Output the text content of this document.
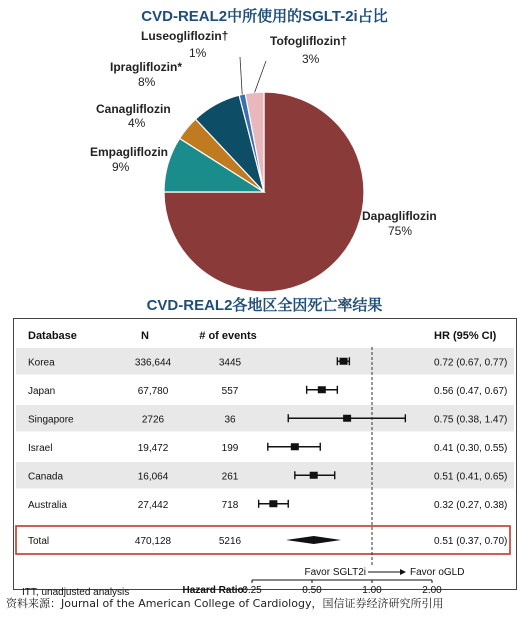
CVD-REAL2中所使用的SGLT-2i占比
Dapagliflozin
75%
Empagliflozin
9%
Canagliflozin
4%
Ipragliflozin*
8%
Luseogliflozin†
1%
Tofogliflozin†
3%
CVD-REAL2各地区全因死亡率结果
Database	N	# of events	HR (95% CI)
Korea	336,644	3445	0.72 (0.67, 0.77)
Japan	67,780	557	0.56 (0.47, 0.67)
Singapore	2726	36	0.75 (0.38, 1.47)
Israel	19,472	199	0.41 (0.30, 0.55)
Canada	16,064	261	0.51 (0.41, 0.65)
Australia	27,442	718	0.32 (0.27, 0.38)
Total	470,128	5216	0.51 (0.37, 0.70)
Favor SGLT2i	Favor oGLD
0.25	0.50	1.00	2.00
Hazard Ratio:
ITT, unadjusted analysis
资料来源：Journal of the American College of Cardiology，国信证券经济研究所引用
